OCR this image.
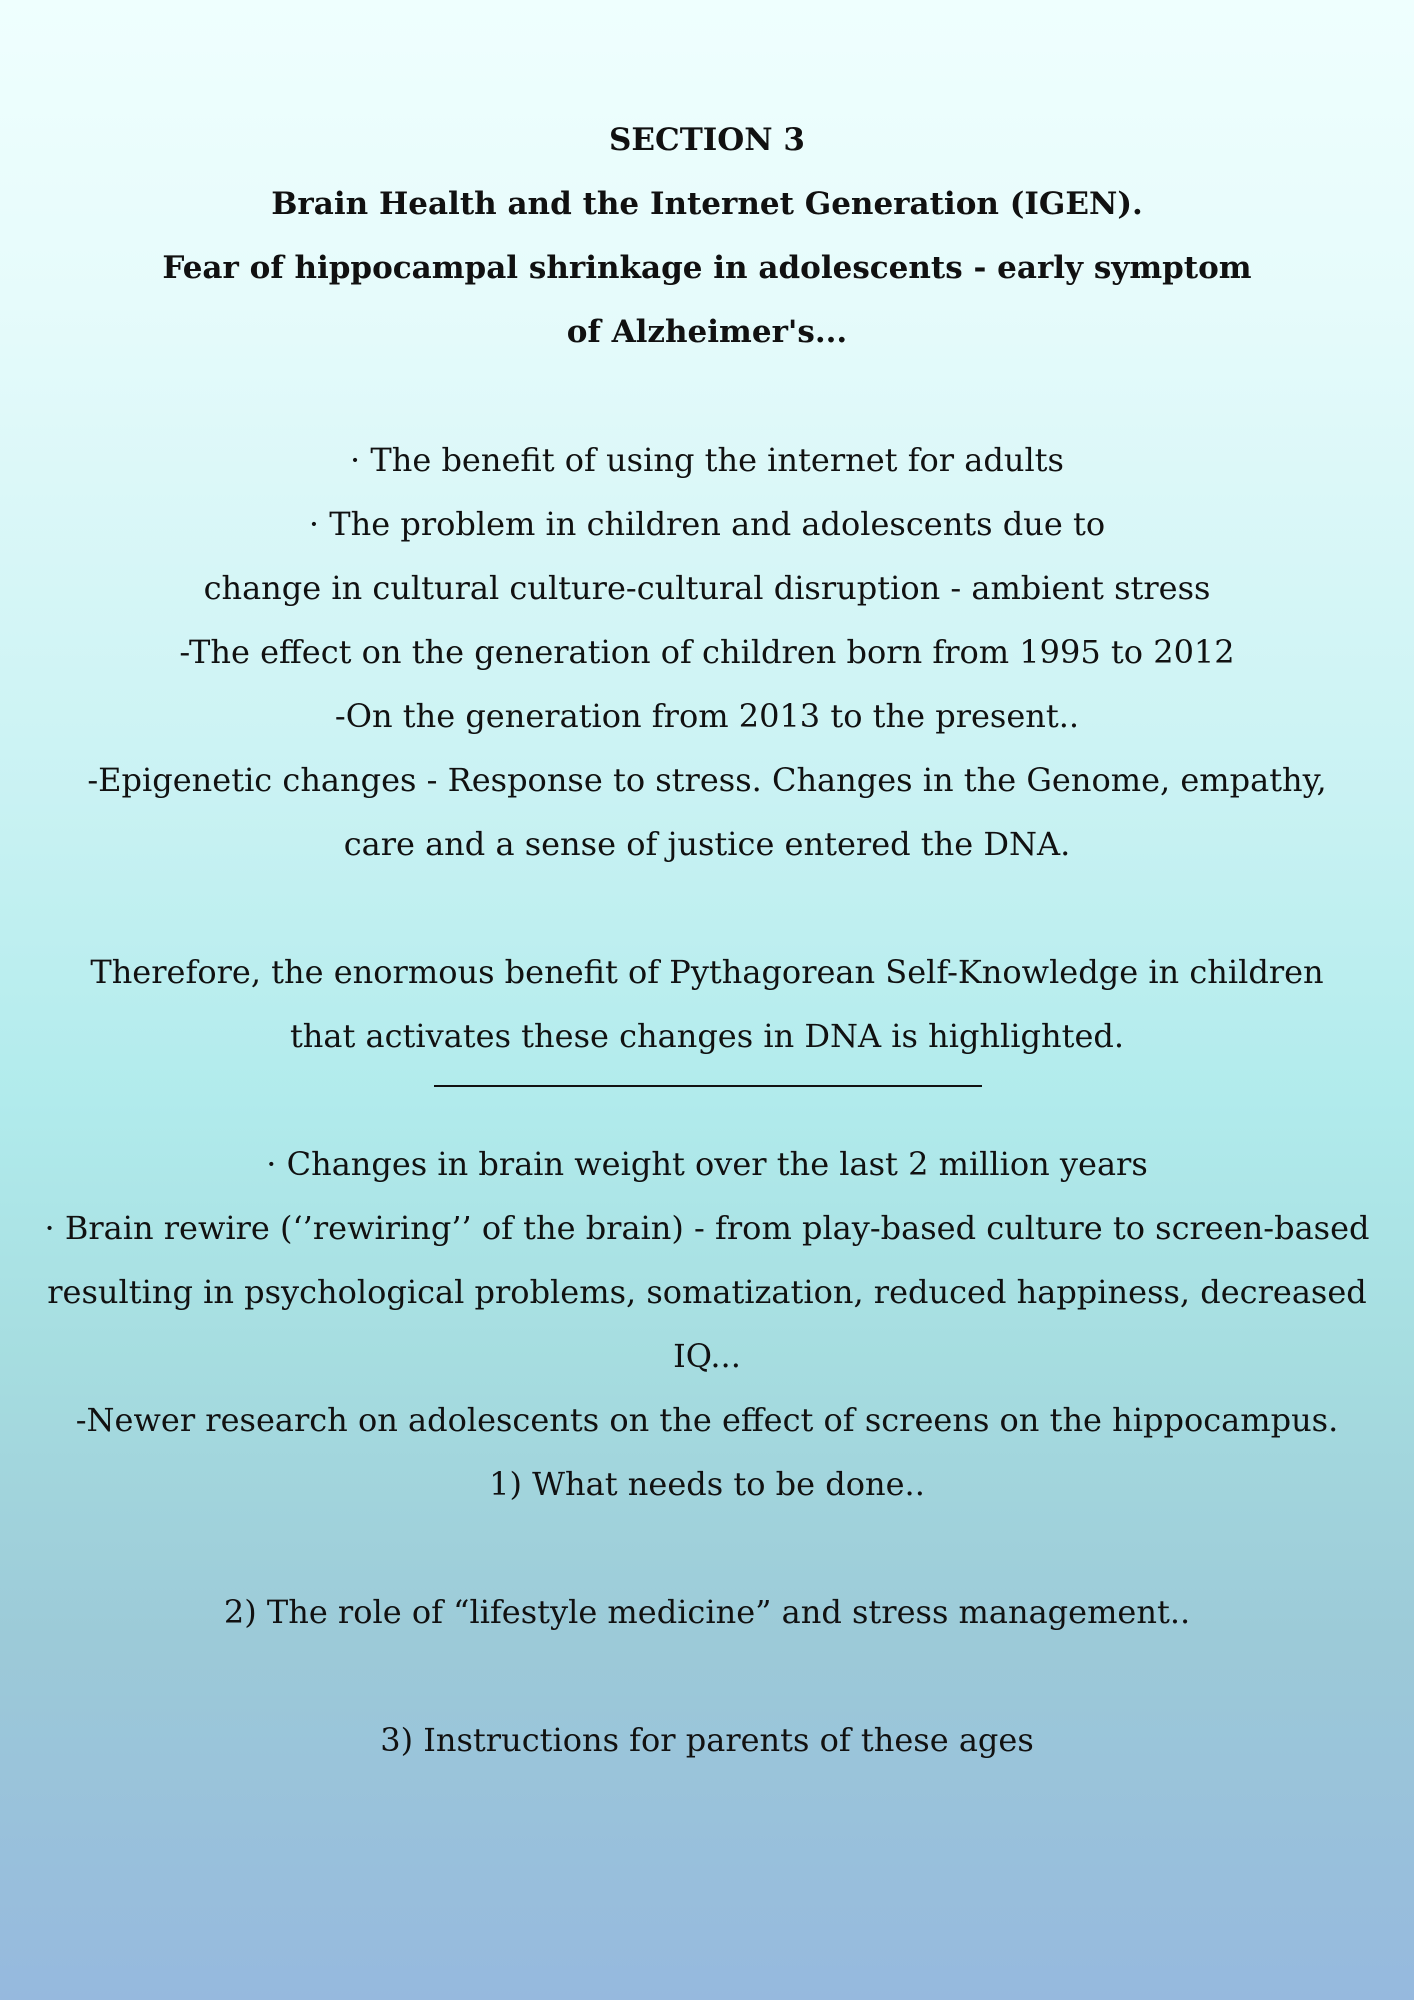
SECTION 3
Brain Health and the Internet Generation (IGEN).
Fear of hippocampal shrinkage in adolescents - early symptom of Alzheimer's...
· The benefit of using the internet for adults
· The problem in children and adolescents due to
change in cultural culture-cultural disruption - ambient stress
-The effect on the generation of children born from 1995 to 2012
-On the generation from 2013 to the present..
-Epigenetic changes - Response to stress. Changes in the Genome, empathy, care and a sense of justice entered the DNA.
Therefore, the enormous benefit of Pythagorean Self-Knowledge in children that activates these changes in DNA is highlighted.
· Changes in brain weight over the last 2 million years
· Brain rewire (‘’rewiring’’ of the brain) - from play-based culture to screen-based resulting in psychological problems, somatization, reduced happiness, decreased IQ...
-Newer research on adolescents on the effect of screens on the hippocampus.
1) What needs to be done..
2) The role of “lifestyle medicine” and stress management..
3) Instructions for parents of these ages
